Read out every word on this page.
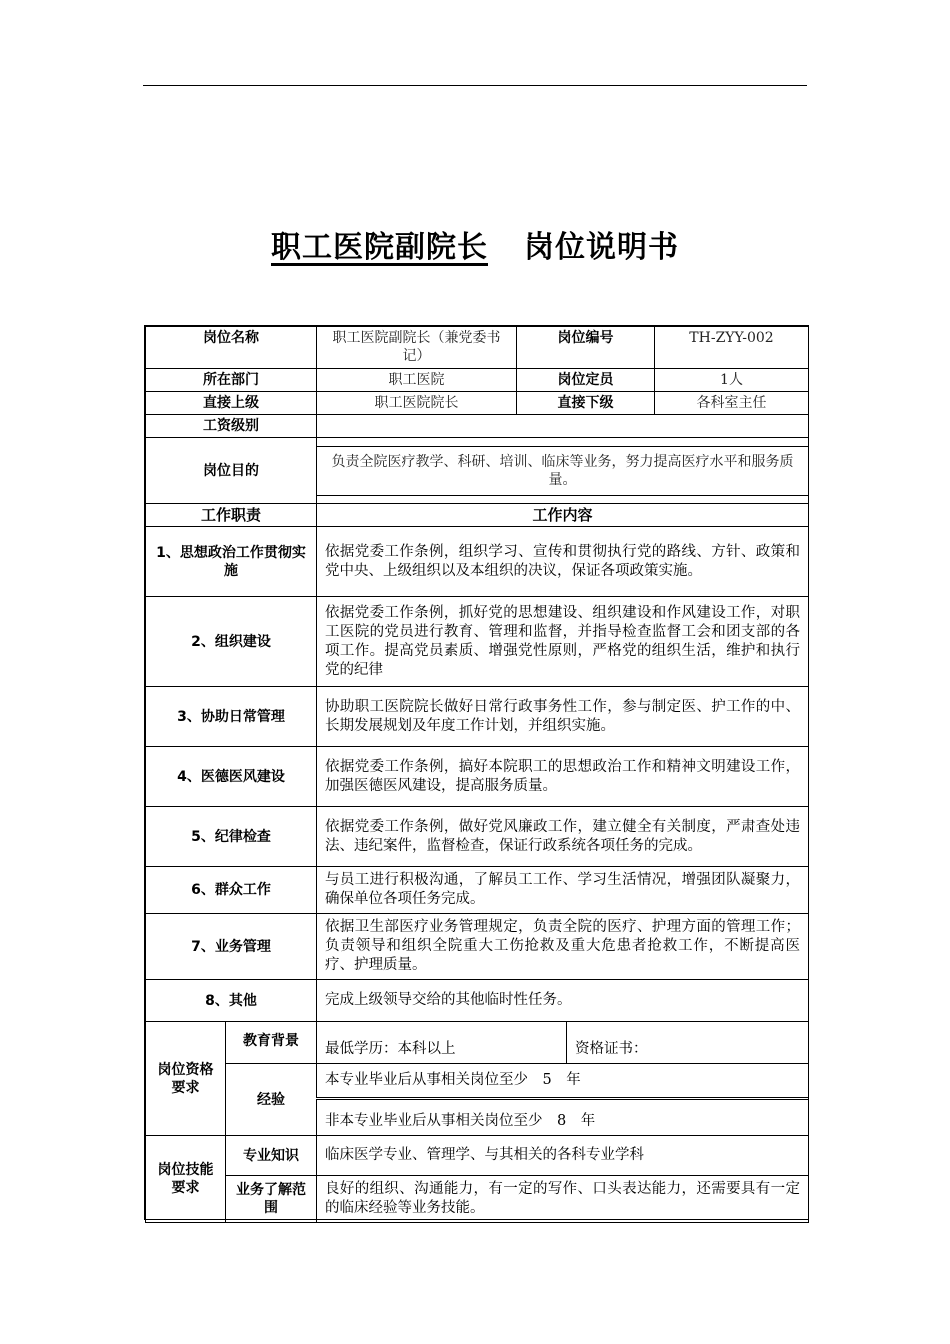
职工医院副院长 岗位说明书
岗位名称		职工医院副院长（兼党委书记）	岗位编号		TH-ZYY-002
所在部门		职工医院	岗位定员		1人
直接上级		职工医院院长	直接下级		各科室主任
工资级别					
岗位目的		负责全院医疗教学、科研、培训、临床等业务，努力提高医疗水平和服务质量。			

工作职责		工作内容			
1、思想政治工作贯彻实施		依据党委工作条例，组织学习、宣传和贯彻执行党的路线、方针、政策和党中央、上级组织以及本组织的决议，保证各项政策实施。			
2、组织建设		依据党委工作条例，抓好党的思想建设、组织建设和作风建设工作，对职工医院的党员进行教育、管理和监督，并指导检查监督工会和团支部的各项工作。提高党员素质、增强党性原则，严格党的组织生活，维护和执行党的纪律			
3、协助日常管理		协助职工医院院长做好日常行政事务性工作，参与制定医、护工作的中、长期发展规划及年度工作计划，并组织实施。			
4、医德医风建设		依据党委工作条例，搞好本院职工的思想政治工作和精神文明建设工作，加强医德医风建设，提高服务质量。			
5、纪律检查		依据党委工作条例，做好党风廉政工作，建立健全有关制度，严肃查处违法、违纪案件，监督检查，保证行政系统各项任务的完成。			
6、群众工作		与员工进行积极沟通，了解员工工作、学习生活情况，增强团队凝聚力，确保单位各项任务完成。			
7、业务管理		依据卫生部医疗业务管理规定，负责全院的医疗、护理方面的管理工作；负责领导和组织全院重大工伤抢救及重大危患者抢救工作，不断提高医疗、护理质量。			
8、其他		完成上级领导交给的其他临时性任务。			
岗位资格要求	教育背景	最低学历：本科以上		资格证书：	
	经验	本专业毕业后从事相关岗位至少　5　年			
		非本专业毕业后从事相关岗位至少　8　年			
岗位技能要求	专业知识	临床医学专业、管理学、与其相关的各科专业学科			
	业务了解范围	良好的组织、沟通能力，有一定的写作、口头表达能力，还需要具有一定的临床经验等业务技能。			
